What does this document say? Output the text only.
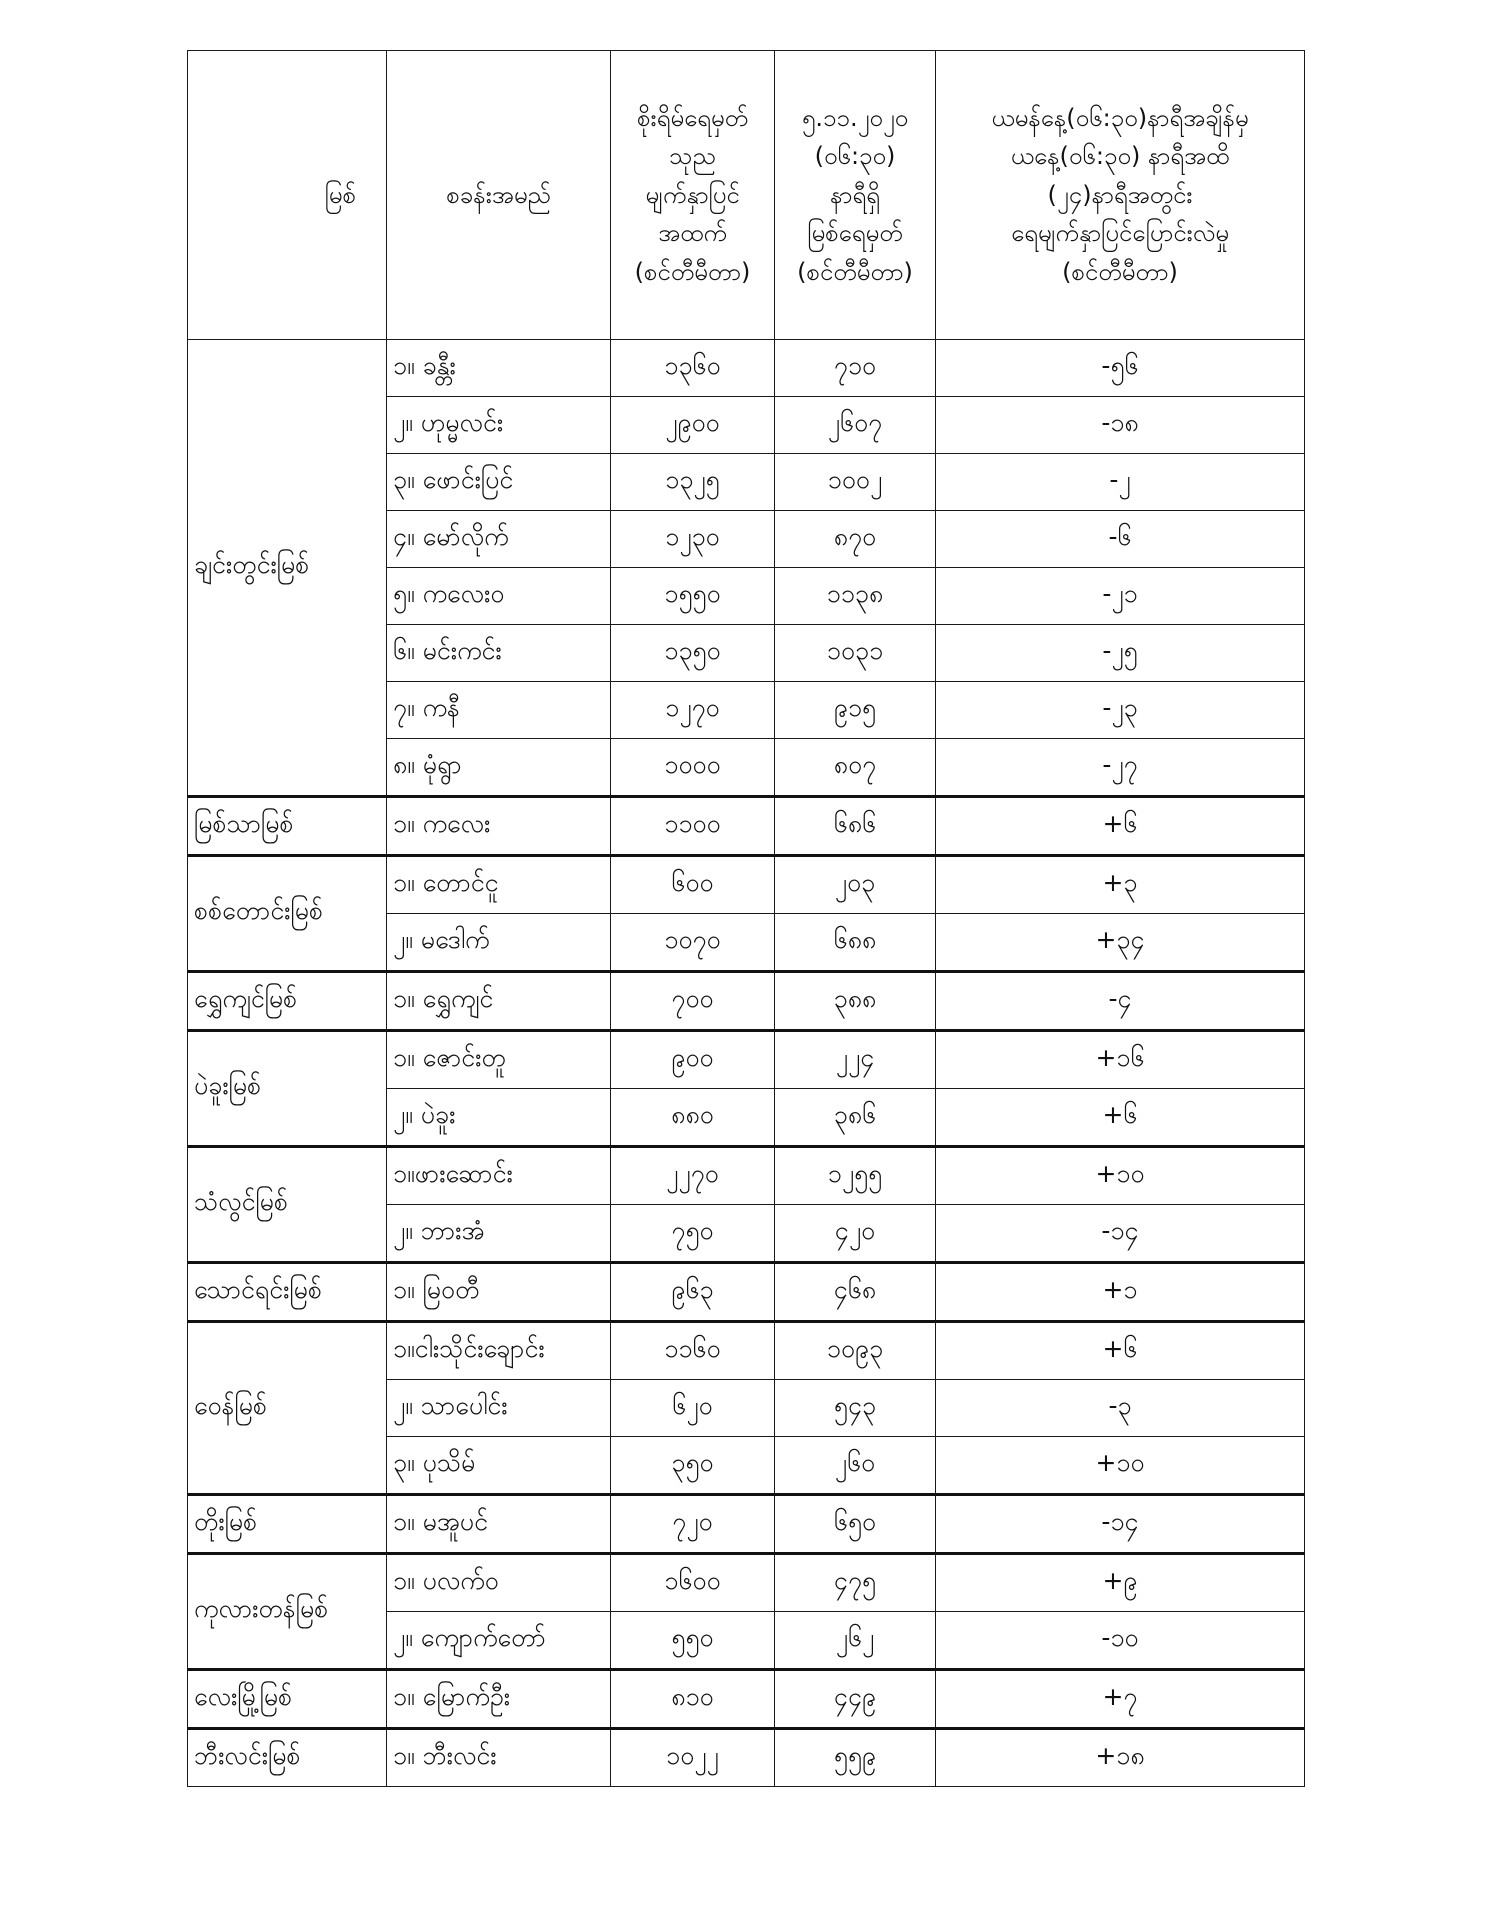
မြစ်	စခန်းအမည်	စိုးရိမ်ရေမှတ်
သုည
မျက်နှာပြင်
အထက်
(စင်တီမီတာ)	၅.၁၁.၂၀၂၀
(၀၆:၃၀)
နာရီရှိ
မြစ်ရေမှတ်
(စင်တီမီတာ)	ယမန်နေ့(၀၆:၃၀)နာရီအချိန်မှ
ယနေ့(၀၆:၃၀) နာရီအထိ
(၂၄)နာရီအတွင်း
ရေမျက်နှာပြင်ပြောင်းလဲမှု
(စင်တီမီတာ)

ချင်းတွင်းမြစ်	၁။ ခန္တီး	၁၃၆၀	၇၁၀	-၅၆
	၂။ ဟုမ္မလင်း	၂၉၀၀	၂၆၀၇	-၁၈
	၃။ ဖောင်းပြင်	၁၃၂၅	၁၀၀၂	-၂
	၄။ မော်လိုက်	၁၂၃၀	၈၇၀	-၆
	၅။ ကလေးဝ	၁၅၅၀	၁၁၃၈	-၂၁
	၆။ မင်းကင်း	၁၃၅၀	၁၀၃၁	-၂၅
	၇။ ကနီ	၁၂၇၀	၉၁၅	-၂၃
	၈။ မုံရွာ	၁၀၀၀	၈၀၇	-၂၇
မြစ်သာမြစ်	၁။ ကလေး	၁၁၀၀	၆၈၆	+၆
စစ်တောင်းမြစ်	၁။ တောင်ငူ	၆၀၀	၂၀၃	+၃
	၂။ မဒေါက်	၁၀၇၀	၆၈၈	+၃၄
ရွှေကျင်မြစ်	၁။ ရွှေကျင်	၇၀၀	၃၈၈	-၄
ပဲခူးမြစ်	၁။ ဇောင်းတူ	၉၀၀	၂၂၄	+၁၆
	၂။ ပဲခူး	၈၈၀	၃၈၆	+၆
သံလွင်မြစ်	၁။ဖားဆောင်း	၂၂၇၀	၁၂၅၅	+၁၀
	၂။ ဘားအံ	၇၅၀	၄၂၀	-၁၄
သောင်ရင်းမြစ်	၁။ မြဝတီ	၉၆၃	၄၆၈	+၁
ဝေန်မြစ်	၁။ငါးသိုင်းချောင်း	၁၁၆၀	၁၀၉၃	+၆
	၂။ သာပေါင်း	၆၂၀	၅၄၃	-၃
	၃။ ပုသိမ်	၃၅၀	၂၆၀	+၁၀
တိုးမြစ်	၁။ မအူပင်	၇၂၀	၆၅၀	-၁၄
ကုလားတန်မြစ်	၁။ ပလက်ဝ	၁၆၀၀	၄၇၅	+၉
	၂။ ကျောက်တော်	၅၅၀	၂၆၂	-၁၀
လေးမြို့မြစ်	၁။ မြောက်ဦး	၈၁၀	၄၄၉	+၇
ဘီးလင်းမြစ်	၁။ ဘီးလင်း	၁၀၂၂	၅၅၉	+၁၈
